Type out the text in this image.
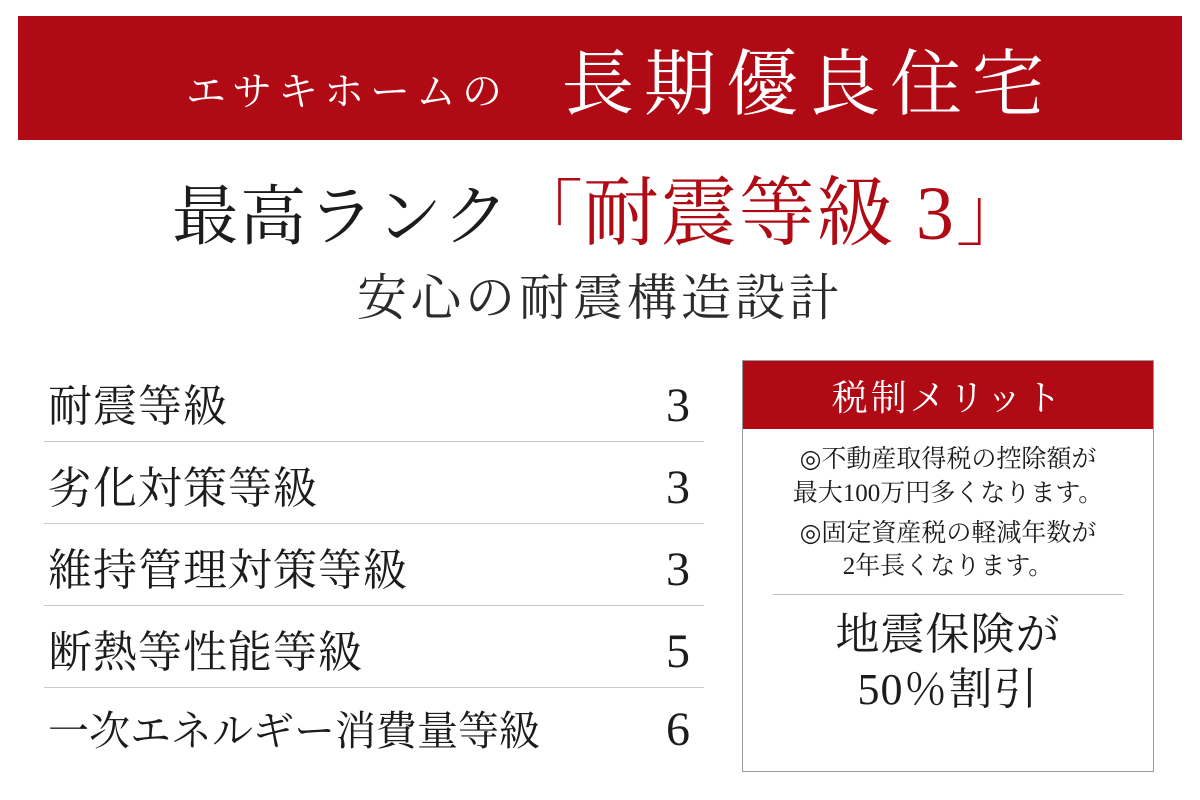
エサキホームの 長期優良住宅
最高ランク「耐震等級 3」
安心の耐震構造設計
耐震等級	3
劣化対策等級	3
維持管理対策等級	3
断熱等性能等級	5
一次エネルギー消費量等級	6
税制メリット
◎不動産取得税の控除額が
最大100万円多くなります。
◎固定資産税の軽減年数が
2年長くなります。
地震保険が
50％割引
